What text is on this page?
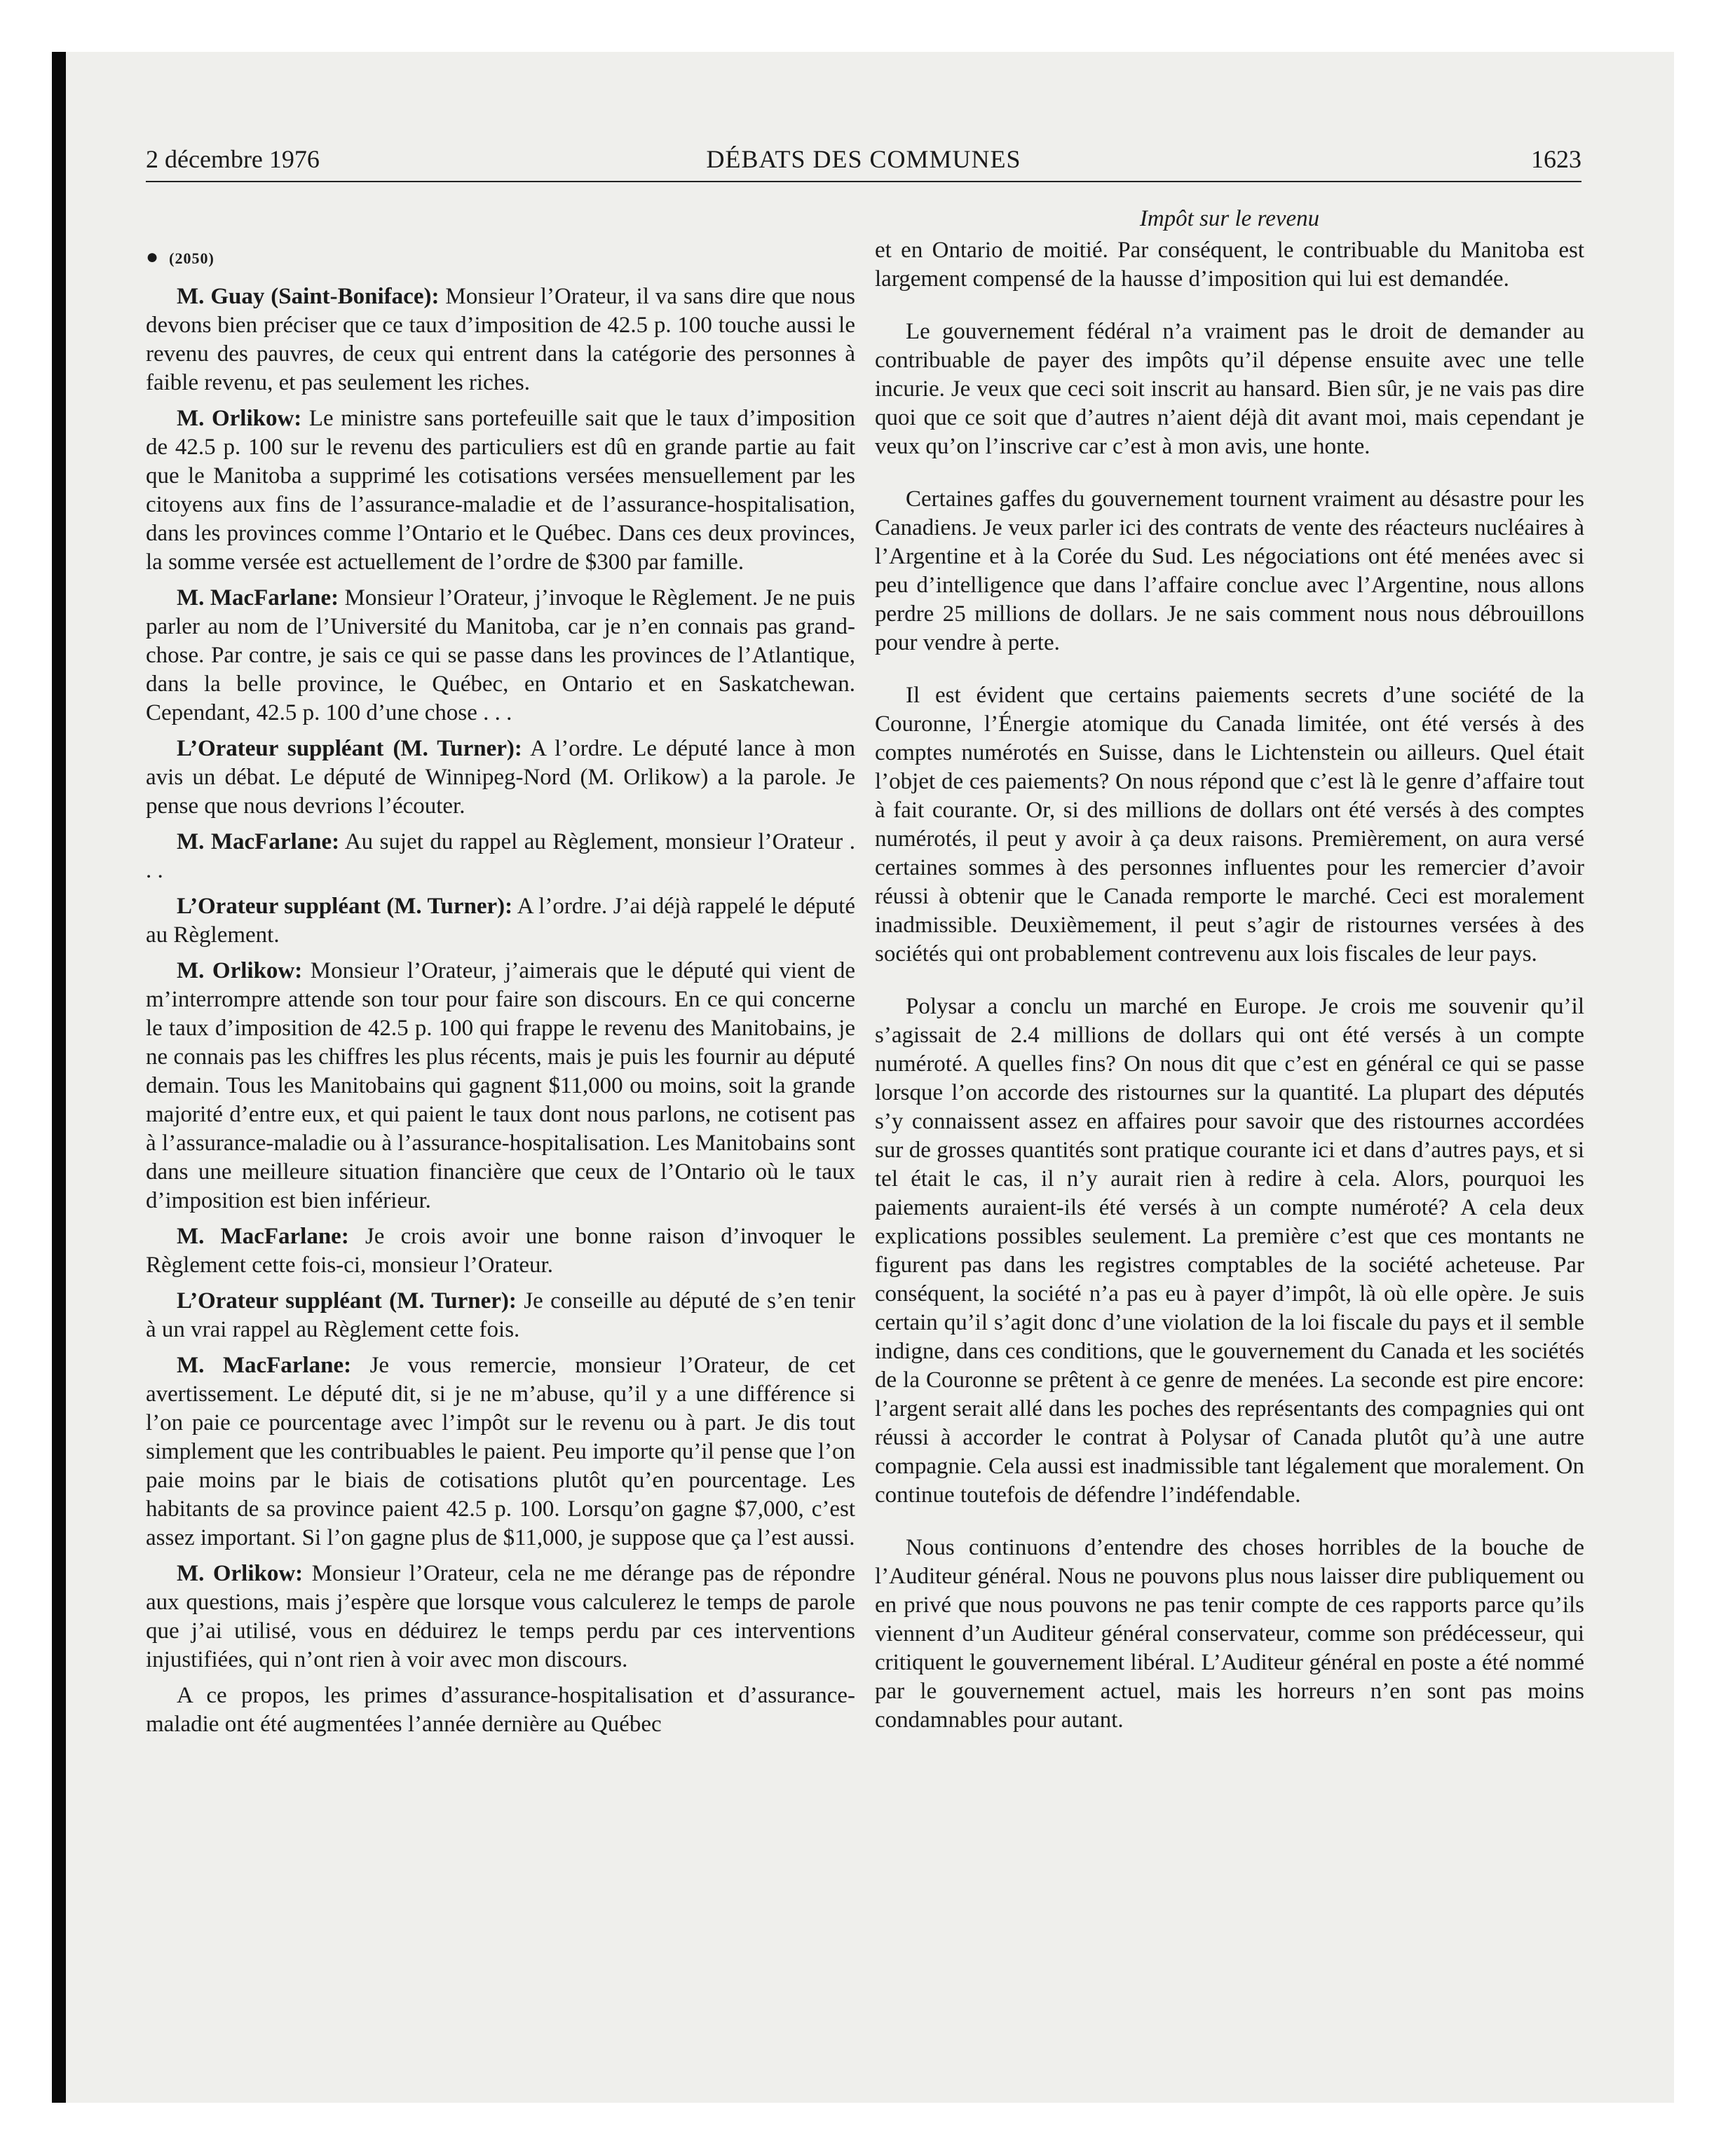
2 décembre 1976	DÉBATS DES COMMUNES	1623
● (2050)

M. Guay (Saint-Boniface): Monsieur l’Orateur, il va sans dire que nous devons bien préciser que ce taux d’imposition de 42.5 p. 100 touche aussi le revenu des pauvres, de ceux qui entrent dans la catégorie des personnes à faible revenu, et pas seulement les riches.

M. Orlikow: Le ministre sans portefeuille sait que le taux d’imposition de 42.5 p. 100 sur le revenu des particuliers est dû en grande partie au fait que le Manitoba a supprimé les cotisations versées mensuellement par les citoyens aux fins de l’assurance-maladie et de l’assurance-hospitalisation, dans les provinces comme l’Ontario et le Québec. Dans ces deux provinces, la somme versée est actuellement de l’ordre de $300 par famille.

M. MacFarlane: Monsieur l’Orateur, j’invoque le Règlement. Je ne puis parler au nom de l’Université du Manitoba, car je n’en connais pas grand-chose. Par contre, je sais ce qui se passe dans les provinces de l’Atlantique, dans la belle province, le Québec, en Ontario et en Saskatchewan. Cependant, 42.5 p. 100 d’une chose . . .

L’Orateur suppléant (M. Turner): A l’ordre. Le député lance à mon avis un débat. Le député de Winnipeg-Nord (M. Orlikow) a la parole. Je pense que nous devrions l’écouter.

M. MacFarlane: Au sujet du rappel au Règlement, monsieur l’Orateur . . .

L’Orateur suppléant (M. Turner): A l’ordre. J’ai déjà rappelé le député au Règlement.

M. Orlikow: Monsieur l’Orateur, j’aimerais que le député qui vient de m’interrompre attende son tour pour faire son discours. En ce qui concerne le taux d’imposition de 42.5 p. 100 qui frappe le revenu des Manitobains, je ne connais pas les chiffres les plus récents, mais je puis les fournir au député demain. Tous les Manitobains qui gagnent $11,000 ou moins, soit la grande majorité d’entre eux, et qui paient le taux dont nous parlons, ne cotisent pas à l’assurance-maladie ou à l’assurance-hospitalisation. Les Manitobains sont dans une meilleure situation financière que ceux de l’Ontario où le taux d’imposition est bien inférieur.

M. MacFarlane: Je crois avoir une bonne raison d’invoquer le Règlement cette fois-ci, monsieur l’Orateur.

L’Orateur suppléant (M. Turner): Je conseille au député de s’en tenir à un vrai rappel au Règlement cette fois.

M. MacFarlane: Je vous remercie, monsieur l’Orateur, de cet avertissement. Le député dit, si je ne m’abuse, qu’il y a une différence si l’on paie ce pourcentage avec l’impôt sur le revenu ou à part. Je dis tout simplement que les contribuables le paient. Peu importe qu’il pense que l’on paie moins par le biais de cotisations plutôt qu’en pourcentage. Les habitants de sa province paient 42.5 p. 100. Lorsqu’on gagne $7,000, c’est assez important. Si l’on gagne plus de $11,000, je suppose que ça l’est aussi.

M. Orlikow: Monsieur l’Orateur, cela ne me dérange pas de répondre aux questions, mais j’espère que lorsque vous calculerez le temps de parole que j’ai utilisé, vous en déduirez le temps perdu par ces interventions injustifiées, qui n’ont rien à voir avec mon discours.

A ce propos, les primes d’assurance-hospitalisation et d’assurance-maladie ont été augmentées l’année dernière au Québec

Impôt sur le revenu

et en Ontario de moitié. Par conséquent, le contribuable du Manitoba est largement compensé de la hausse d’imposition qui lui est demandée.

Le gouvernement fédéral n’a vraiment pas le droit de demander au contribuable de payer des impôts qu’il dépense ensuite avec une telle incurie. Je veux que ceci soit inscrit au hansard. Bien sûr, je ne vais pas dire quoi que ce soit que d’autres n’aient déjà dit avant moi, mais cependant je veux qu’on l’inscrive car c’est à mon avis, une honte.

Certaines gaffes du gouvernement tournent vraiment au désastre pour les Canadiens. Je veux parler ici des contrats de vente des réacteurs nucléaires à l’Argentine et à la Corée du Sud. Les négociations ont été menées avec si peu d’intelligence que dans l’affaire conclue avec l’Argentine, nous allons perdre 25 millions de dollars. Je ne sais comment nous nous débrouillons pour vendre à perte.

Il est évident que certains paiements secrets d’une société de la Couronne, l’Énergie atomique du Canada limitée, ont été versés à des comptes numérotés en Suisse, dans le Lichtenstein ou ailleurs. Quel était l’objet de ces paiements? On nous répond que c’est là le genre d’affaire tout à fait courante. Or, si des millions de dollars ont été versés à des comptes numérotés, il peut y avoir à ça deux raisons. Premièrement, on aura versé certaines sommes à des personnes influentes pour les remercier d’avoir réussi à obtenir que le Canada remporte le marché. Ceci est moralement inadmissible. Deuxièmement, il peut s’agir de ristournes versées à des sociétés qui ont probablement contrevenu aux lois fiscales de leur pays.

Polysar a conclu un marché en Europe. Je crois me souvenir qu’il s’agissait de 2.4 millions de dollars qui ont été versés à un compte numéroté. A quelles fins? On nous dit que c’est en général ce qui se passe lorsque l’on accorde des ristournes sur la quantité. La plupart des députés s’y connaissent assez en affaires pour savoir que des ristournes accordées sur de grosses quantités sont pratique courante ici et dans d’autres pays, et si tel était le cas, il n’y aurait rien à redire à cela. Alors, pourquoi les paiements auraient-ils été versés à un compte numéroté? A cela deux explications possibles seulement. La première c’est que ces montants ne figurent pas dans les registres comptables de la société acheteuse. Par conséquent, la société n’a pas eu à payer d’impôt, là où elle opère. Je suis certain qu’il s’agit donc d’une violation de la loi fiscale du pays et il semble indigne, dans ces conditions, que le gouvernement du Canada et les sociétés de la Couronne se prêtent à ce genre de menées. La seconde est pire encore: l’argent serait allé dans les poches des représentants des compagnies qui ont réussi à accorder le contrat à Polysar of Canada plutôt qu’à une autre compagnie. Cela aussi est inadmissible tant légalement que moralement. On continue toutefois de défendre l’indéfendable.

Nous continuons d’entendre des choses horribles de la bouche de l’Auditeur général. Nous ne pouvons plus nous laisser dire publiquement ou en privé que nous pouvons ne pas tenir compte de ces rapports parce qu’ils viennent d’un Auditeur général conservateur, comme son prédécesseur, qui critiquent le gouvernement libéral. L’Auditeur général en poste a été nommé par le gouvernement actuel, mais les horreurs n’en sont pas moins condamnables pour autant.
